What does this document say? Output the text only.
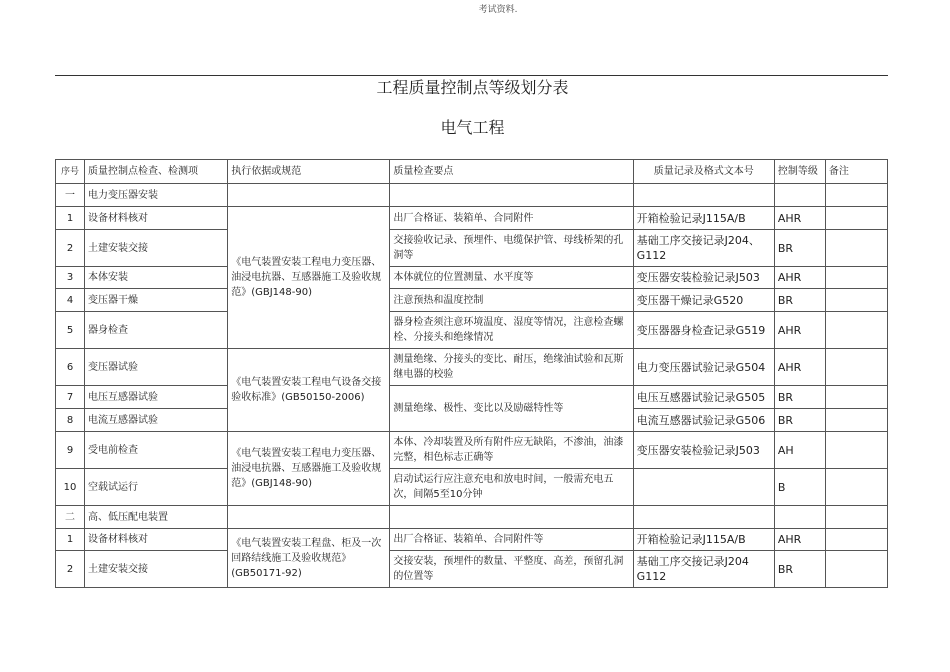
考试资料.
工程质量控制点等级划分表
电气工程
序号	质量控制点检查、检测项	执行依据或规范	质量检查要点	质量记录及格式文本号	控制等级	备注
一	电力变压器安装					
1	设备材料核对	《电气装置安装工程电力变压器、油浸电抗器、互感器施工及验收规范》(GBJ148-90)	出厂合格证、装箱单、合同附件	开箱检验记录J115A/B	AHR	
2	土建安装交接		交接验收记录、预埋件、电缆保护管、母线桥架的孔洞等	基础工序交接记录J204、G112	BR	
3	本体安装		本体就位的位置测量、水平度等	变压器安装检验记录J503	AHR	
4	变压器干燥		注意预热和温度控制	变压器干燥记录G520	BR	
5	器身检查		器身检查须注意环境温度、湿度等情况，注意检查螺栓、分接头和绝缘情况	变压器器身检查记录G519	AHR	
6	变压器试验	《电气装置安装工程电气设备交接验收标准》(GB50150-2006)	测量绝缘、分接头的变比、耐压，绝缘油试验和瓦斯继电器的校验	电力变压器试验记录G504	AHR	
7	电压互感器试验		测量绝缘、极性、变比以及励磁特性等	电压互感器试验记录G505	BR	
8	电流互感器试验			电流互感器试验记录G506	BR	
9	受电前检查	《电气装置安装工程电力变压器、油浸电抗器、互感器施工及验收规范》(GBJ148-90)	本体、冷却装置及所有附件应无缺陷，不渗油，油漆完整，相色标志正确等	变压器安装检验记录J503	AH	
10	空载试运行		启动试运行应注意充电和放电时间，一般需充电五次，间隔5至10分钟		B	
二	高、低压配电装置					
1	设备材料核对	《电气装置安装工程盘、柜及一次回路结线施工及验收规范》(GB50171-92)	出厂合格证、装箱单、合同附件等	开箱检验记录J115A/B	AHR	
2	土建安装交接		交接安装，预埋件的数量、平整度、高差，预留孔洞的位置等	基础工序交接记录J204 G112	BR	
